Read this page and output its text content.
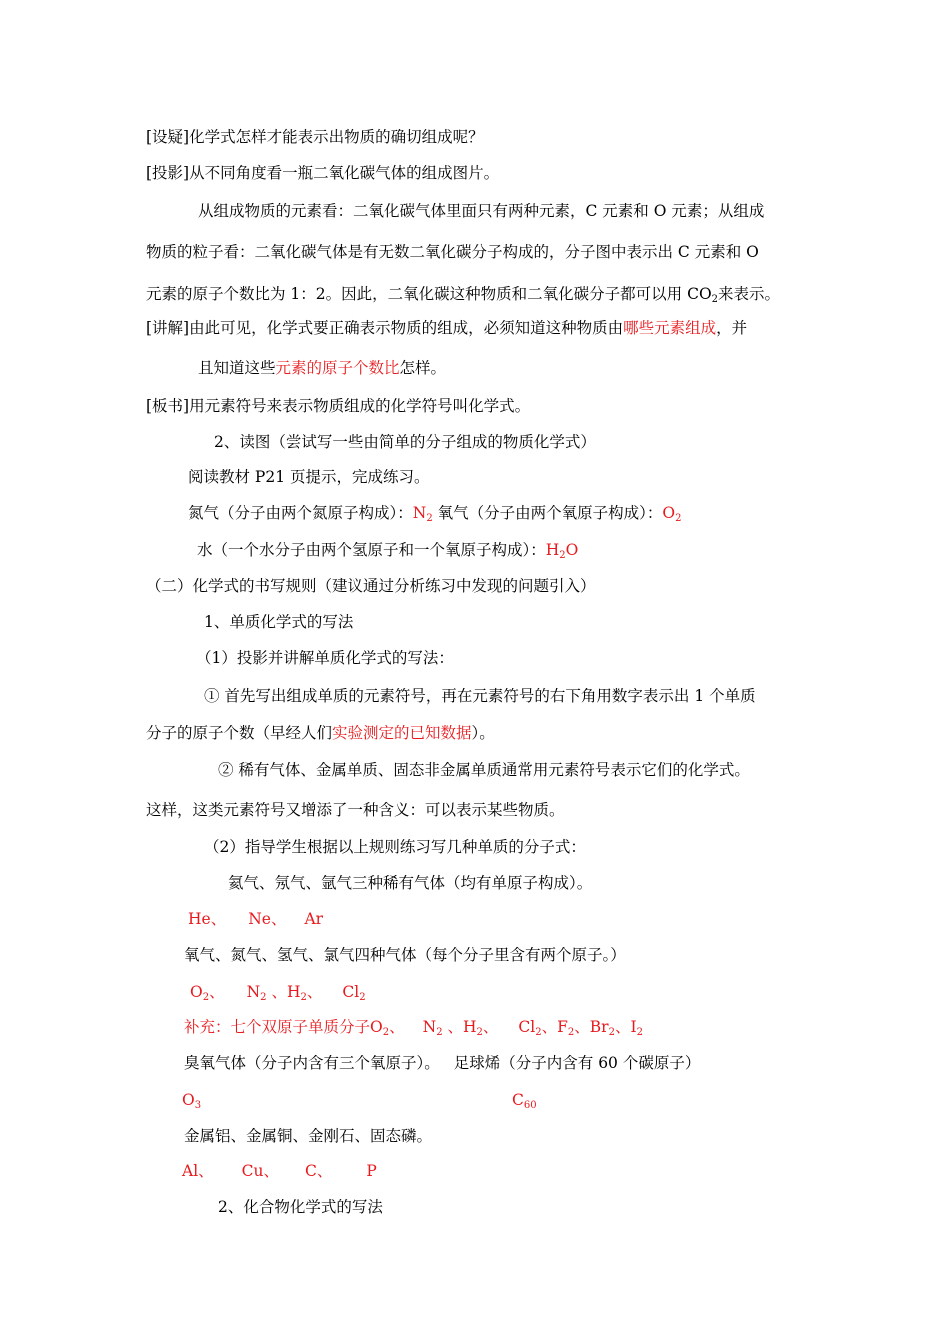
[设疑]化学式怎样才能表示出物质的确切组成呢？
[投影]从不同角度看一瓶二氧化碳气体的组成图片。
从组成物质的元素看：二氧化碳气体里面只有两种元素，C 元素和 O 元素；从组成
物质的粒子看：二氧化碳气体是有无数二氧化碳分子构成的，分子图中表示出 C 元素和 O
元素的原子个数比为 1：2。因此，二氧化碳这种物质和二氧化碳分子都可以用 $CO_2$来表示。
[讲解]由此可见，化学式要正确表示物质的组成，必须知道这种物质由哪些元素组成，并
且知道这些元素的原子个数比怎样。
[板书]用元素符号来表示物质组成的化学符号叫化学式。
2、读图（尝试写一些由简单的分子组成的物质化学式）
阅读教材 P21 页提示，完成练习。
氮气（分子由两个氮原子构成）：$N_2$ 氧气（分子由两个氧原子构成）：$O_2$
水（一个水分子由两个氢原子和一个氧原子构成）：$H_2O$
（二）化学式的书写规则（建议通过分析练习中发现的问题引入）
1、单质化学式的写法
（1）投影并讲解单质化学式的写法：
① 首先写出组成单质的元素符号，再在元素符号的右下角用数字表示出 1 个单质
分子的原子个数（早经人们实验测定的已知数据）。
② 稀有气体、金属单质、固态非金属单质通常用元素符号表示它们的化学式。
这样，这类元素符号又增添了一种含义：可以表示某些物质。
（2）指导学生根据以上规则练习写几种单质的分子式：
氦气、氖气、氩气三种稀有气体（均有单原子构成）。
He、 Ne、 Ar
氧气、氮气、氢气、氯气四种气体（每个分子里含有两个原子。）
$O_2$、 $N_2$ 、$H_2$、 $Cl_2$
补充：七个双原子单质分子$O_2$、 $N_2$ 、$H_2$、 $Cl_2$、$F_2$、$Br_2$、$I_2$
臭氧气体（分子内含有三个氧原子）。 足球烯（分子内含有 60 个碳原子）
$O_3$	$C_{60}$
金属铝、金属铜、金刚石、固态磷。
Al、 Cu、 C、 P
2、化合物化学式的写法
